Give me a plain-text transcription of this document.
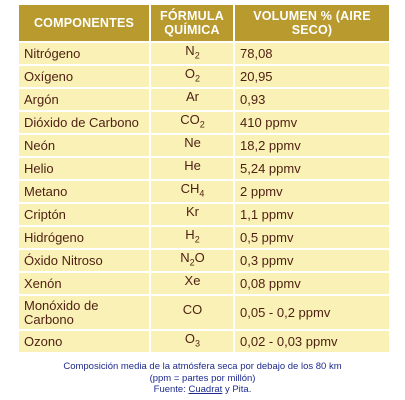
COMPONENTES	FÓRMULA QUÍMICA	VOLUMEN % (AIRE SECO)
Nitrógeno	$N_2$	78,08
Oxígeno	$O_2$	20,95
Argón	Ar	0,93
Dióxido de Carbono	$CO_2$	410 ppmv
Neón	Ne	18,2 ppmv
Helio	He	5,24 ppmv
Metano	$CH_4$	2 ppmv
Criptón	Kr	1,1 ppmv
Hidrógeno	$H_2$	0,5 ppmv
Óxido Nitroso	$N_2O$	0,3 ppmv
Xenón	Xe	0,08 ppmv
Monóxido de Carbono	CO	0,05 - 0,2 ppmv
Ozono	$O_3$	0,02 - 0,03 ppmv
Composición media de la atmósfera seca por debajo de los 80 km
(ppm = partes por millón)
Fuente: Cuadrat y Pita.
